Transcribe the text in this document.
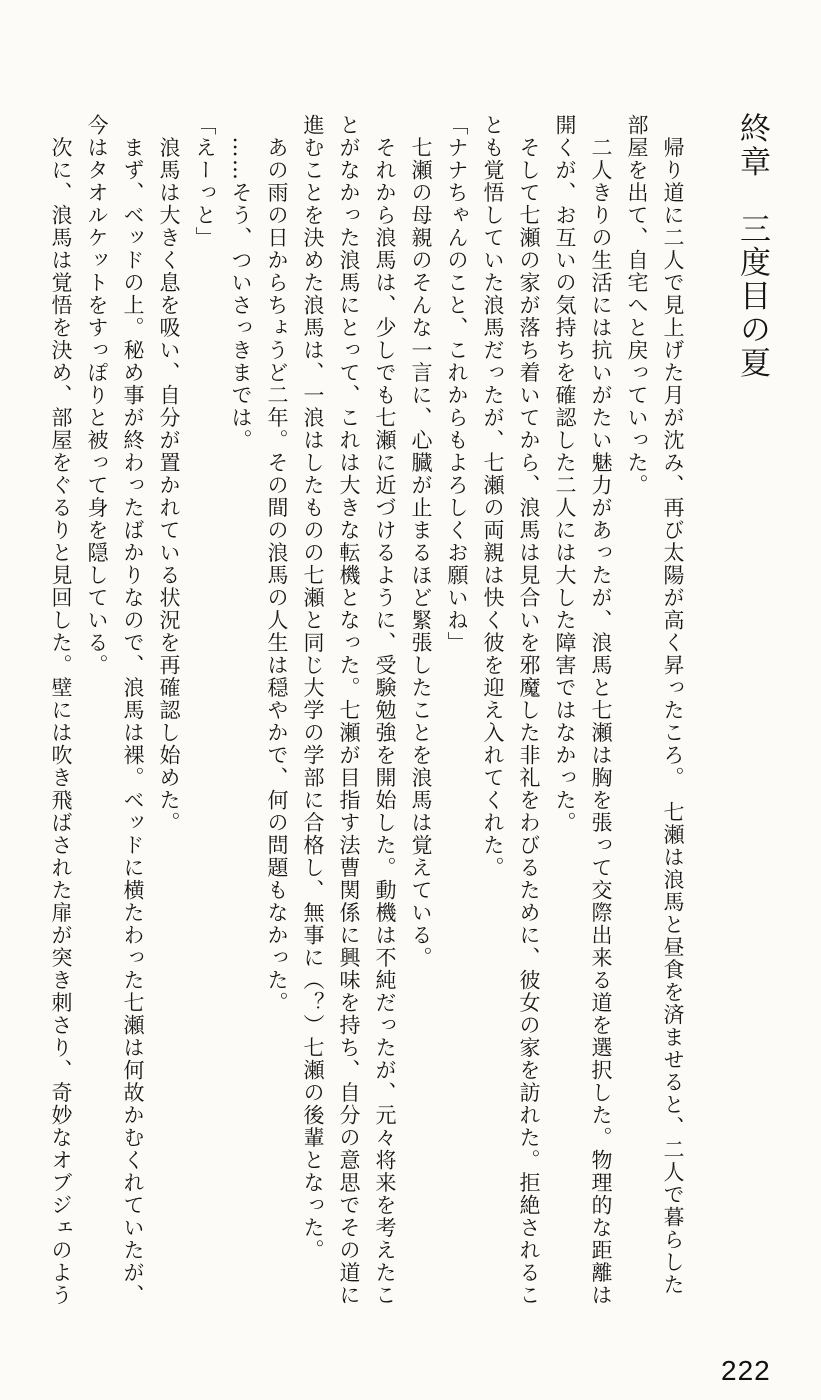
終章　三度目の夏

　帰り道に二人で見上げた月が沈み、再び太陽が高く昇ったころ。　七瀬は浪馬と昼食を済ませると、二人で暮らした部屋を出て、自宅へと戻っていった。

　二人きりの生活には抗いがたい魅力があったが、浪馬と七瀬は胸を張って交際出来る道を選択した。物理的な距離は開くが、お互いの気持ちを確認した二人には大した障害ではなかった。

　そして七瀬の家が落ち着いてから、浪馬は見合いを邪魔した非礼をわびるために、彼女の家を訪れた。拒絶されることも覚悟していた浪馬だったが、七瀬の両親は快く彼を迎え入れてくれた。

「ナナちゃんのこと、これからもよろしくお願いね」

　七瀬の母親のそんな一言に、心臓が止まるほど緊張したことを浪馬は覚えている。

　それから浪馬は、少しでも七瀬に近づけるように、受験勉強を開始した。動機は不純だったが、元々将来を考えたことがなかった浪馬にとって、これは大きな転機となった。七瀬が目指す法曹関係に興味を持ち、自分の意思でその道に進むことを決めた浪馬は、一浪はしたものの七瀬と同じ大学の学部に合格し、無事に（？）七瀬の後輩となった。

　あの雨の日からちょうど二年。その間の浪馬の人生は穏やかで、何の問題もなかった。

　……そう、ついさっきまでは。

「えーっと」

　浪馬は大きく息を吸い、自分が置かれている状況を再確認し始めた。

　まず、ベッドの上。秘め事が終わったばかりなので、浪馬は裸。ベッドに横たわった七瀬は何故かむくれていたが、今はタオルケットをすっぽりと被って身を隠している。

　次に、浪馬は覚悟を決め、部屋をぐるりと見回した。壁には吹き飛ばされた扉が突き刺さり、奇妙なオブジェのよう

222
